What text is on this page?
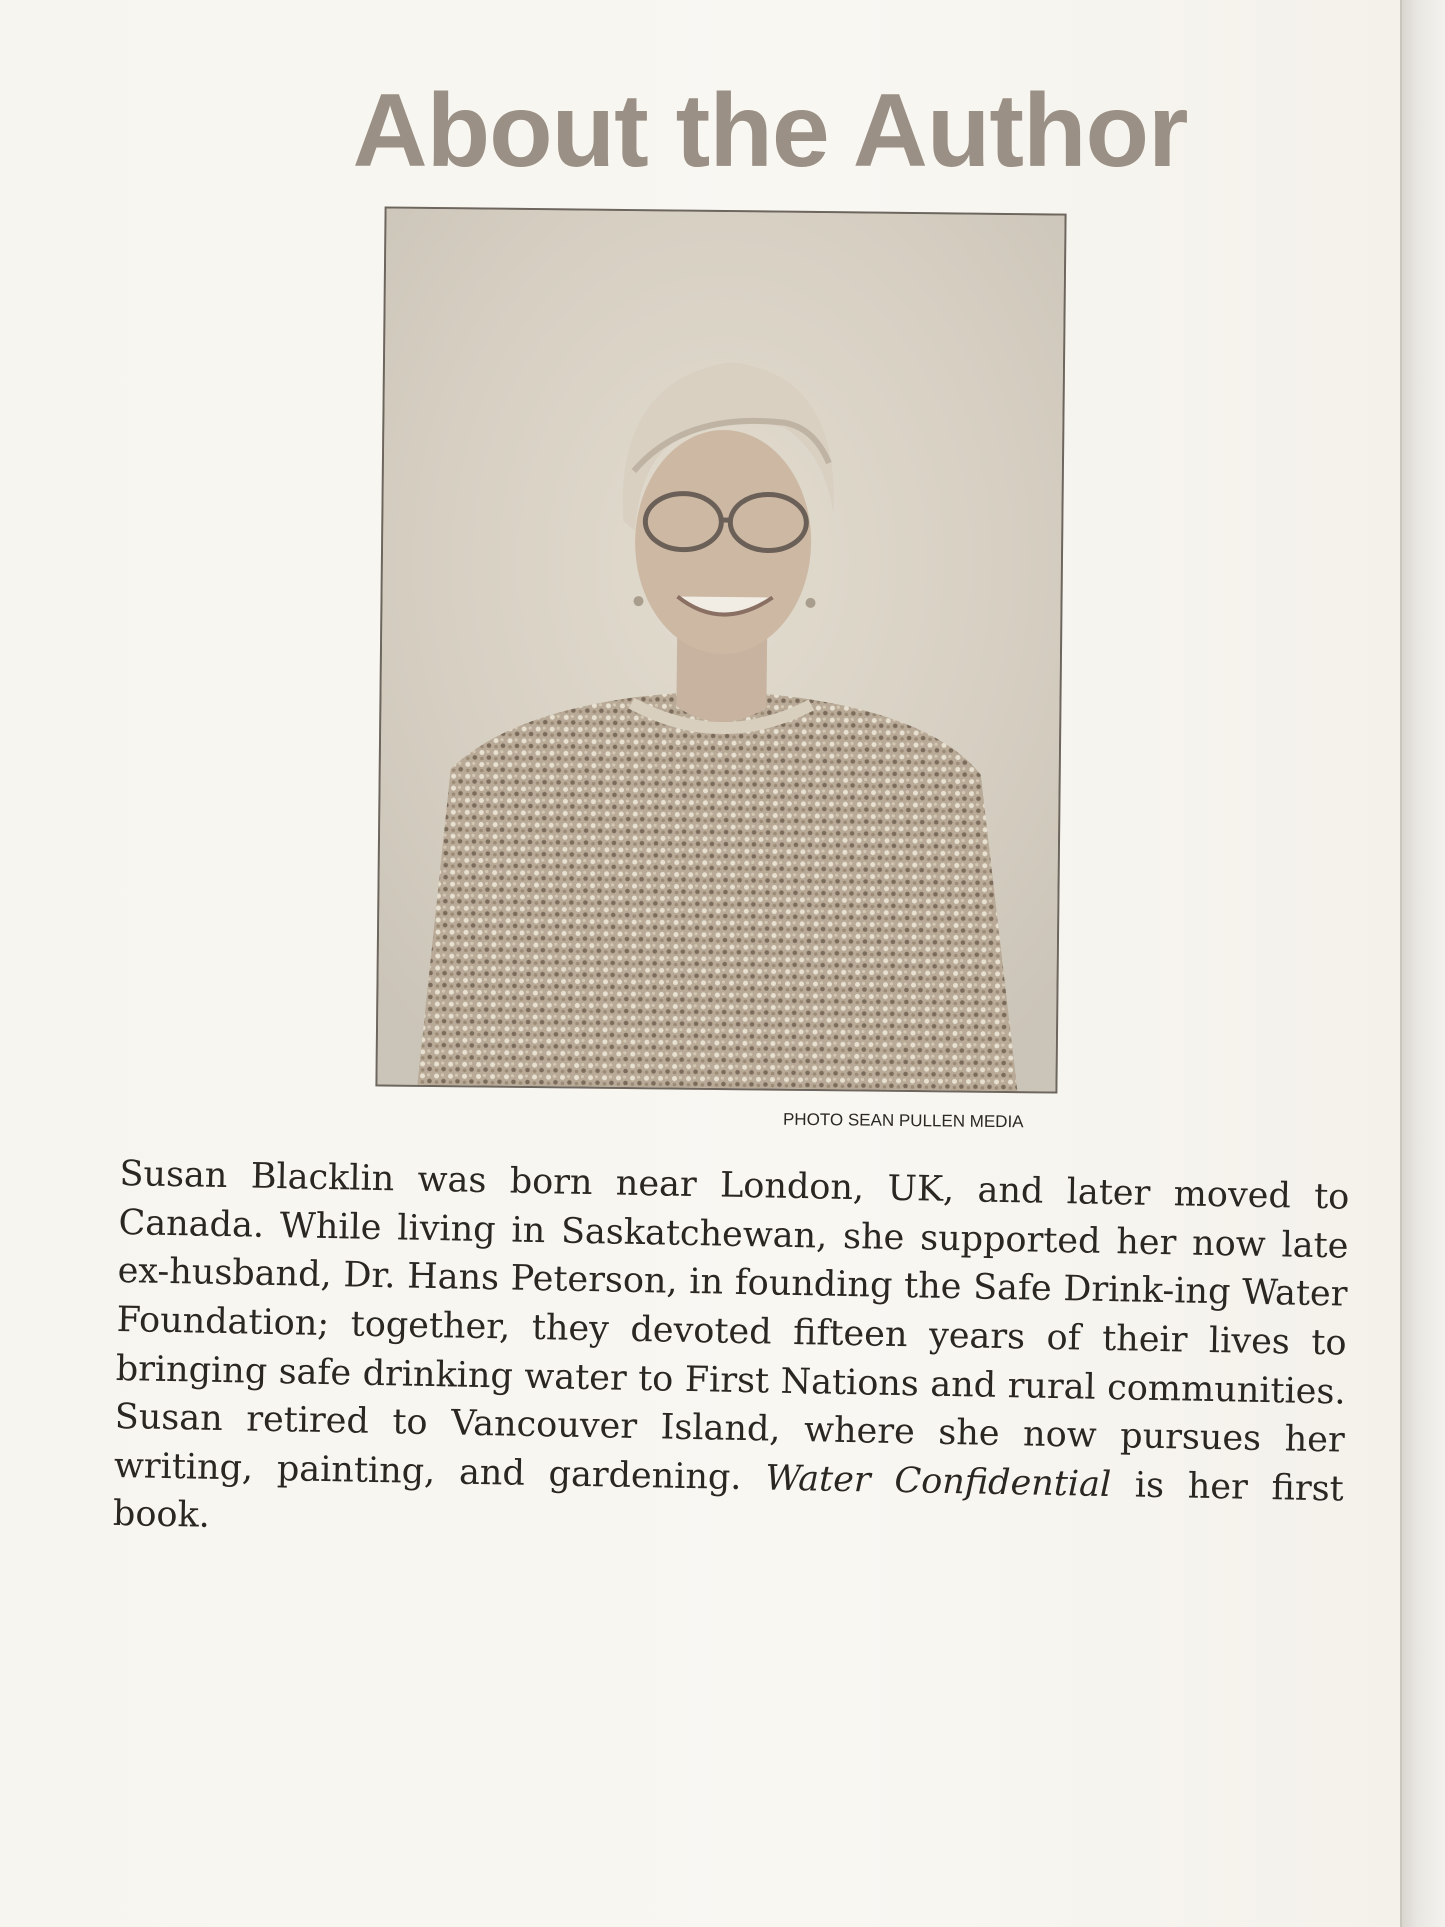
About the Author
PHOTO SEAN PULLEN MEDIA

Susan Blacklin was born near London, UK, and later moved to Canada. While living in Saskatchewan, she supported her now late ex-husband, Dr. Hans Peterson, in founding the Safe Drink-ing Water Foundation; together, they devoted fifteen years of their lives to bringing safe drinking water to First Nations and rural communities. Susan retired to Vancouver Island, where she now pursues her writing, painting, and gardening. Water Confidential is her first book.
